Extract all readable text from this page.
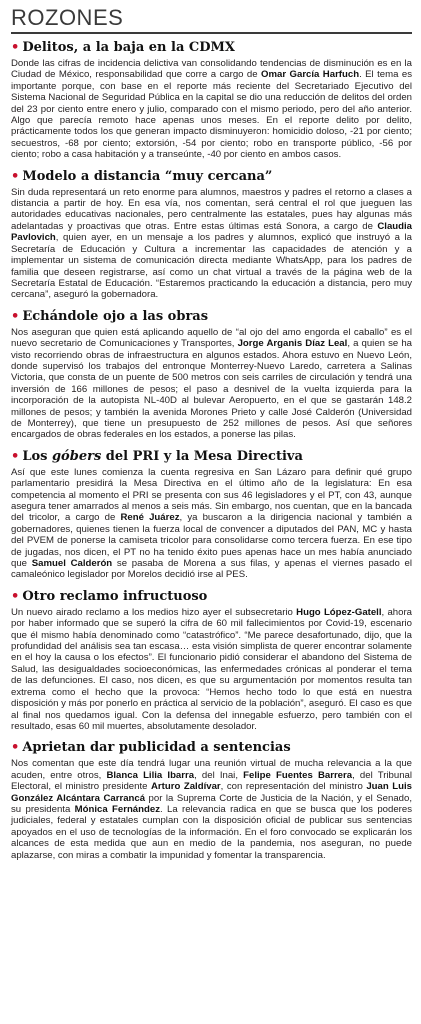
ROZONES
• Delitos, a la baja en la CDMX

Donde las cifras de incidencia delictiva van consolidando tendencias de disminución es en la Ciudad de México, responsabilidad que corre a cargo de Omar García Harfuch. El tema es importante porque, con base en el reporte más reciente del Secretariado Ejecutivo del Sistema Nacional de Seguridad Pública en la capital se dio una reducción de delitos del orden del 23 por ciento entre enero y julio, comparado con el mismo periodo, pero del año anterior. Algo que parecía remoto hace apenas unos meses. En el reporte delito por delito, prácticamente todos los que generan impacto disminuyeron: homicidio doloso, -21 por ciento; secuestros, -68 por ciento; extorsión, -54 por ciento; robo en transporte público, -56 por ciento; robo a casa habitación y a transeúnte, -40 por ciento en ambos casos.

• Modelo a distancia “muy cercana”

Sin duda representará un reto enorme para alumnos, maestros y padres el retorno a clases a distancia a partir de hoy. En esa vía, nos comentan, será central el rol que jueguen las autoridades educativas nacionales, pero centralmente las estatales, pues hay algunas más adelantadas y proactivas que otras. Entre estas últimas está Sonora, a cargo de Claudia Pavlovich, quien ayer, en un mensaje a los padres y alumnos, explicó que instruyó a la Secretaría de Educación y Cultura a incrementar las capacidades de atención y a implementar un sistema de comunicación directa mediante WhatsApp, para los padres de familia que deseen registrarse, así como un chat virtual a través de la página web de la Secretaría Estatal de Educación. “Estaremos practicando la educación a distancia, pero muy cercana”, aseguró la gobernadora.

• Echándole ojo a las obras

Nos aseguran que quien está aplicando aquello de “al ojo del amo engorda el caballo” es el nuevo secretario de Comunicaciones y Transportes, Jorge Arganis Díaz Leal, a quien se ha visto recorriendo obras de infraestructura en algunos estados. Ahora estuvo en Nuevo León, donde supervisó los trabajos del entronque Monterrey-Nuevo Laredo, carretera a Salinas Victoria, que consta de un puente de 500 metros con seis carriles de circulación y tendrá una inversión de 166 millones de pesos; el paso a desnivel de la vuelta izquierda para la incorporación de la autopista NL-40D al bulevar Aeropuerto, en el que se gastarán 148.2 millones de pesos; y también la avenida Morones Prieto y calle José Calderón (Universidad de Monterrey), que tiene un presupuesto de 252 millones de pesos. Así que señores encargados de obras federales en los estados, a ponerse las pilas.

• Los góbers del PRI y la Mesa Directiva

Así que este lunes comienza la cuenta regresiva en San Lázaro para definir qué grupo parlamentario presidirá la Mesa Directiva en el último año de la legislatura: En esa competencia al momento el PRI se presenta con sus 46 legisladores y el PT, con 43, aunque asegura tener amarrados al menos a seis más. Sin embargo, nos cuentan, que en la bancada del tricolor, a cargo de René Juárez, ya buscaron a la dirigencia nacional y también a gobernadores, quienes tienen la fuerza local de convencer a diputados del PAN, MC y hasta del PVEM de ponerse la camiseta tricolor para consolidarse como tercera fuerza. En ese tipo de jugadas, nos dicen, el PT no ha tenido éxito pues apenas hace un mes había anunciado que Samuel Calderón se pasaba de Morena a sus filas, y apenas el viernes pasado el camaleónico legislador por Morelos decidió irse al PES.

• Otro reclamo infructuoso

Un nuevo airado reclamo a los medios hizo ayer el subsecretario Hugo López-Gatell, ahora por haber informado que se superó la cifra de 60 mil fallecimientos por Covid-19, escenario que él mismo había denominado como “catastrófico”. “Me parece desafortunado, dijo, que la profundidad del análisis sea tan escasa… esta visión simplista de querer encontrar solamente en el hoy la causa o los efectos”. El funcionario pidió considerar el abandono del Sistema de Salud, las desigualdades socioeconómicas, las enfermedades crónicas al ponderar el tema de las defunciones. El caso, nos dicen, es que su argumentación por momentos resulta tan extrema como el hecho que la provoca: “Hemos hecho todo lo que está en nuestra disposición y más por ponerlo en práctica al servicio de la población”, aseguró. El caso es que al final nos quedamos igual. Con la defensa del innegable esfuerzo, pero también con el resultado, esas 60 mil muertes, absolutamente desolador.

• Aprietan dar publicidad a sentencias

Nos comentan que este día tendrá lugar una reunión virtual de mucha relevancia a la que acuden, entre otros, Blanca Lilia Ibarra, del Inai, Felipe Fuentes Barrera, del Tribunal Electoral, el ministro presidente Arturo Zaldívar, con representación del ministro Juan Luis González Alcántara Carrancá por la Suprema Corte de Justicia de la Nación, y el Senado, su presidenta Mónica Fernández. La relevancia radica en que se busca que los poderes judiciales, federal y estatales cumplan con la disposición oficial de publicar sus sentencias apoyados en el uso de tecnologías de la información. En el foro convocado se explicarán los alcances de esta medida que aun en medio de la pandemia, nos aseguran, no puede aplazarse, con miras a combatir la impunidad y fomentar la transparencia.
